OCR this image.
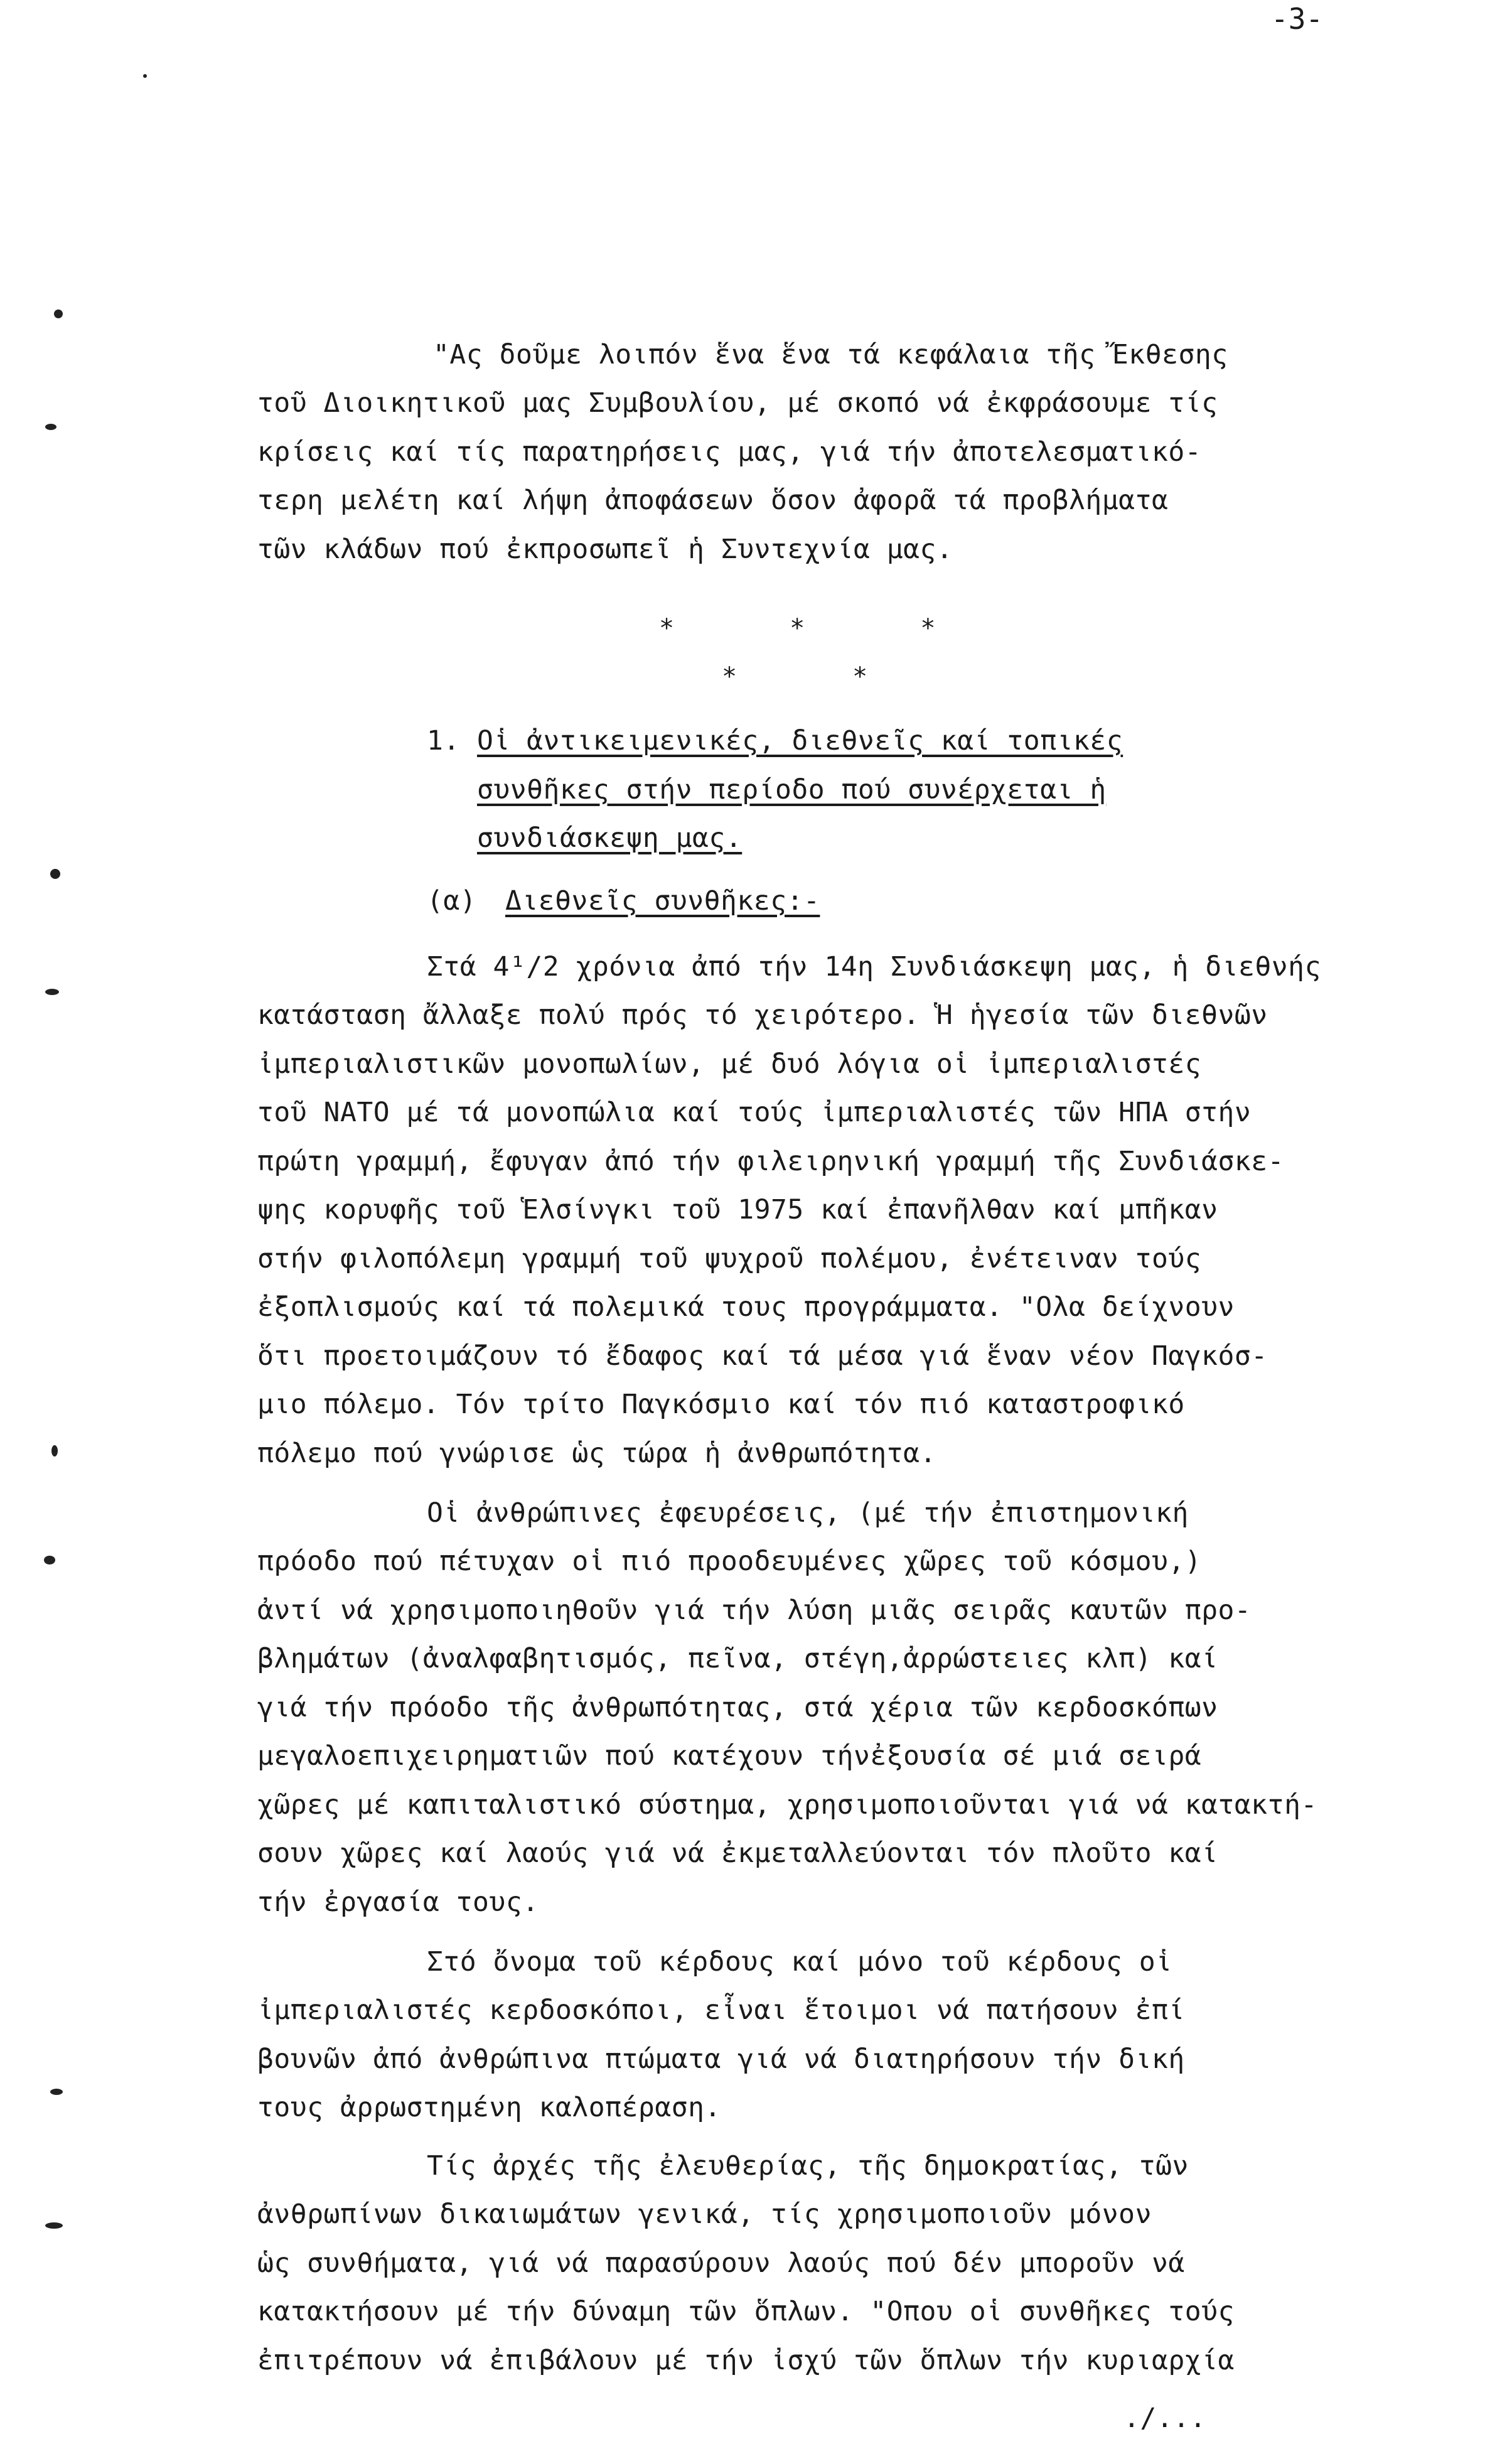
-3-
"Ας δοῦμε λοιπόν ἕνα ἕνα τά κεφάλαια τῆς Ἔκθεσης
τοῦ Διοικητικοῦ μας Συμβουλίου, μέ σκοπό νά ἐκφράσουμε τίς
κρίσεις καί τίς παρατηρήσεις μας, γιά τήν ἀποτελεσματικό-
τερη μελέτη καί λήψη ἀποφάσεων ὅσον ἀφορᾶ τά προβλήματα
τῶν κλάδων πού ἐκπροσωπεῖ ἡ Συντεχνία μας.
* * *
* *
1. Οἱ ἀντικειμενικές, διεθνεῖς καί τοπικές
συνθῆκες στήν περίοδο πού συνέρχεται ἡ
συνδιάσκεψη μας.
(α) Διεθνεῖς συνθῆκες:-
Στά 4¹/2 χρόνια ἀπό τήν 14η Συνδιάσκεψη μας, ἡ διεθνής
κατάσταση ἄλλαξε πολύ πρός τό χειρότερο. Ἡ ἡγεσία τῶν διεθνῶν
ἰμπεριαλιστικῶν μονοπωλίων, μέ δυό λόγια οἱ ἰμπεριαλιστές
τοῦ ΝΑΤΟ μέ τά μονοπώλια καί τούς ἰμπεριαλιστές τῶν ΗΠΑ στήν
πρώτη γραμμή, ἔφυγαν ἀπό τήν φιλειρηνική γραμμή τῆς Συνδιάσκε-
ψης κορυφῆς τοῦ Ἑλσίνγκι τοῦ 1975 καί ἐπανῆλθαν καί μπῆκαν
στήν φιλοπόλεμη γραμμή τοῦ ψυχροῦ πολέμου, ἐνέτειναν τούς
ἐξοπλισμούς καί τά πολεμικά τους προγράμματα. "Ολα δείχνουν
ὅτι προετοιμάζουν τό ἔδαφος καί τά μέσα γιά ἕναν νέον Παγκόσ-
μιο πόλεμο. Τόν τρίτο Παγκόσμιο καί τόν πιό καταστροφικό
πόλεμο πού γνώρισε ὡς τώρα ἡ ἀνθρωπότητα.
Οἱ ἀνθρώπινες ἐφευρέσεις, (μέ τήν ἐπιστημονική
πρόοδο πού πέτυχαν οἱ πιό προοδευμένες χῶρες τοῦ κόσμου,)
ἀντί νά χρησιμοποιηθοῦν γιά τήν λύση μιᾶς σειρᾶς καυτῶν προ-
βλημάτων (ἀναλφαβητισμός, πεῖνα, στέγη,ἀρρώστειες κλπ) καί
γιά τήν πρόοδο τῆς ἀνθρωπότητας, στά χέρια τῶν κερδοσκόπων
μεγαλοεπιχειρηματιῶν πού κατέχουν τήνἐξουσία σέ μιά σειρά
χῶρες μέ καπιταλιστικό σύστημα, χρησιμοποιοῦνται γιά νά κατακτή-
σουν χῶρες καί λαούς γιά νά ἐκμεταλλεύονται τόν πλοῦτο καί
τήν ἐργασία τους.
Στό ὄνομα τοῦ κέρδους καί μόνο τοῦ κέρδους οἱ
ἰμπεριαλιστές κερδοσκόποι, εἶναι ἕτοιμοι νά πατήσουν ἐπί
βουνῶν ἀπό ἀνθρώπινα πτώματα γιά νά διατηρήσουν τήν δική
τους ἀρρωστημένη καλοπέραση.
Τίς ἀρχές τῆς ἐλευθερίας, τῆς δημοκρατίας, τῶν
ἀνθρωπίνων δικαιωμάτων γενικά, τίς χρησιμοποιοῦν μόνον
ὡς συνθήματα, γιά νά παρασύρουν λαούς πού δέν μποροῦν νά
κατακτήσουν μέ τήν δύναμη τῶν ὅπλων. "Οπου οἱ συνθῆκες τούς
ἐπιτρέπουν νά ἐπιβάλουν μέ τήν ἰσχύ τῶν ὅπλων τήν κυριαρχία
./...
